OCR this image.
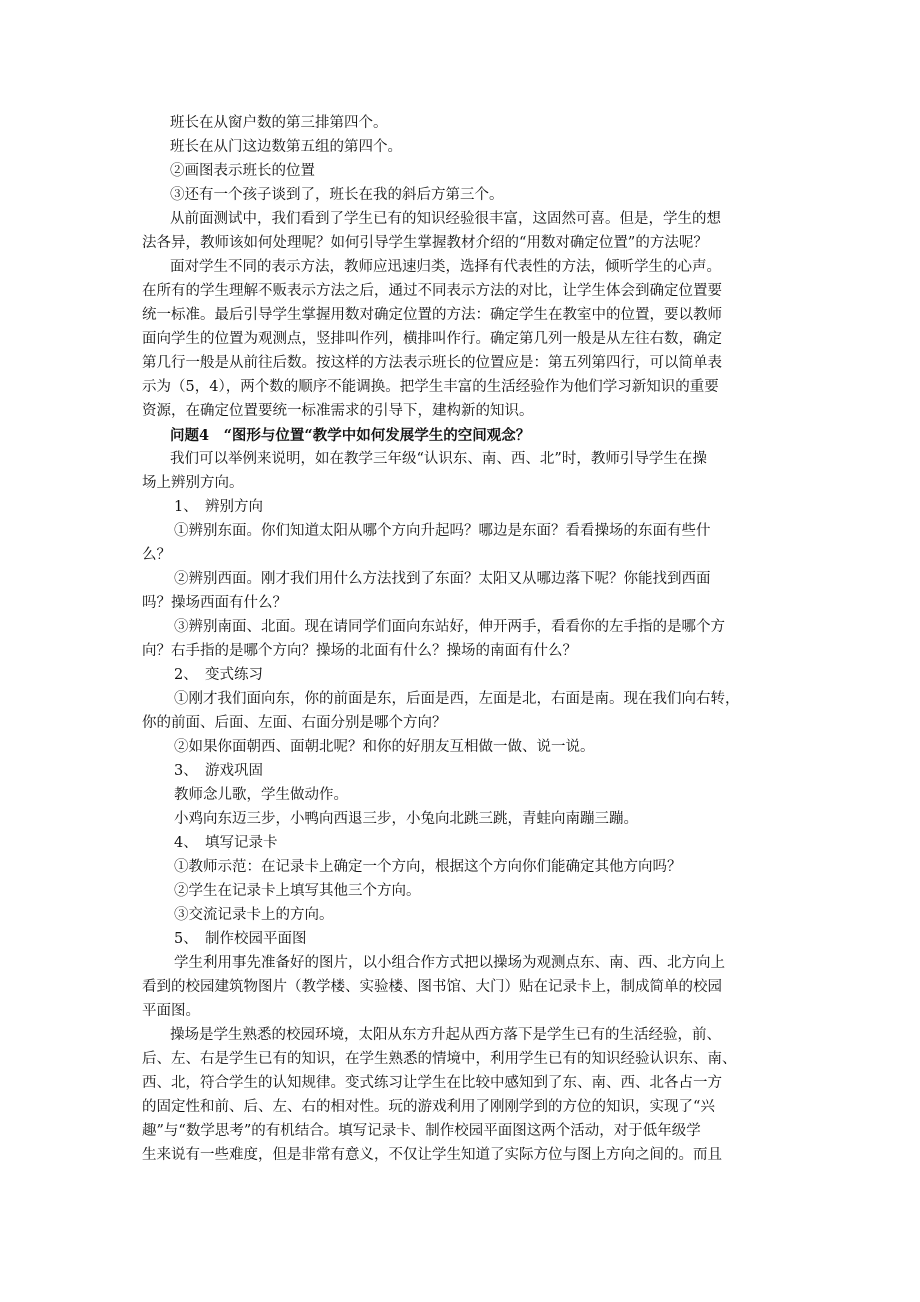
班长在从窗户数的第三排第四个。
班长在从门这边数第五组的第四个。
②画图表示班长的位置
③还有一个孩子谈到了，班长在我的斜后方第三个。
从前面测试中，我们看到了学生已有的知识经验很丰富，这固然可喜。但是，学生的想
法各异，教师该如何处理呢？如何引导学生掌握教材介绍的“用数对确定位置”的方法呢？
面对学生不同的表示方法，教师应迅速归类，选择有代表性的方法，倾听学生的心声。
在所有的学生理解不贩表示方法之后，通过不同表示方法的对比，让学生体会到确定位置要
统一标准。最后引导学生掌握用数对确定位置的方法：确定学生在教室中的位置，要以教师
面向学生的位置为观测点，竖排叫作列，横排叫作行。确定第几列一般是从左往右数，确定
第几行一般是从前往后数。按这样的方法表示班长的位置应是：第五列第四行，可以简单表
示为（5，4），两个数的顺序不能调换。把学生丰富的生活经验作为他们学习新知识的重要
资源，在确定位置要统一标准需求的引导下，建构新的知识。
问题4　“图形与位置“教学中如何发展学生的空间观念？
我们可以举例来说明，如在教学三年级“认识东、南、西、北”时，教师引导学生在操
场上辨别方向。
1、　辨别方向
①辨别东面。你们知道太阳从哪个方向升起吗？哪边是东面？看看操场的东面有些什
么？
②辨别西面。刚才我们用什么方法找到了东面？太阳又从哪边落下呢？你能找到西面
吗？操场西面有什么？
③辨别南面、北面。现在请同学们面向东站好，伸开两手，看看你的左手指的是哪个方
向？右手指的是哪个方向？操场的北面有什么？操场的南面有什么？
2、　变式练习
①刚才我们面向东，你的前面是东，后面是西，左面是北，右面是南。现在我们向右转，
你的前面、后面、左面、右面分别是哪个方向？
②如果你面朝西、面朝北呢？和你的好朋友互相做一做、说一说。
3、　游戏巩固
教师念儿歌，学生做动作。
小鸡向东迈三步，小鸭向西退三步，小兔向北跳三跳，青蛙向南蹦三蹦。
4、　填写记录卡
①教师示范：在记录卡上确定一个方向，根据这个方向你们能确定其他方向吗？
②学生在记录卡上填写其他三个方向。
③交流记录卡上的方向。
5、　制作校园平面图
学生利用事先准备好的图片，以小组合作方式把以操场为观测点东、南、西、北方向上
看到的校园建筑物图片（教学楼、实验楼、图书馆、大门）贴在记录卡上，制成简单的校园
平面图。
操场是学生熟悉的校园环境，太阳从东方升起从西方落下是学生已有的生活经验，前、
后、左、右是学生已有的知识，在学生熟悉的情境中，利用学生已有的知识经验认识东、南、
西、北，符合学生的认知规律。变式练习让学生在比较中感知到了东、南、西、北各占一方
的固定性和前、后、左、右的相对性。玩的游戏利用了刚刚学到的方位的知识，实现了“兴
趣”与“数学思考”的有机结合。填写记录卡、制作校园平面图这两个活动，对于低年级学
生来说有一些难度，但是非常有意义，不仅让学生知道了实际方位与图上方向之间的。而且
